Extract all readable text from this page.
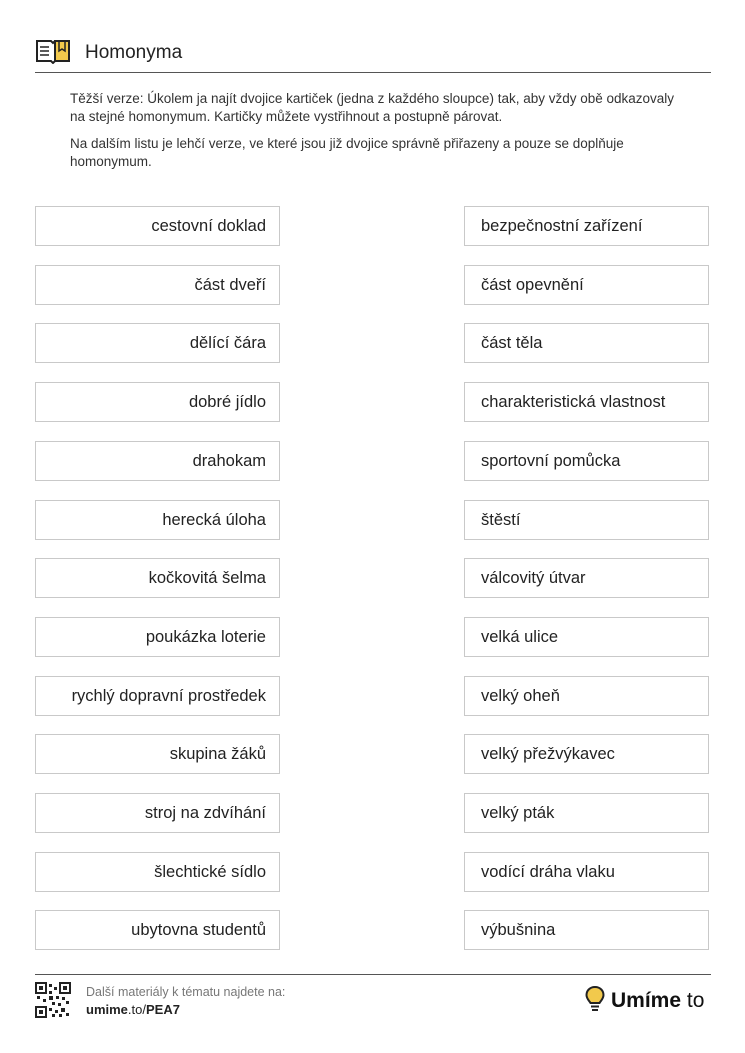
Homonyma

Těžší verze: Úkolem ja najít dvojice kartiček (jedna z každého sloupce) tak, aby vždy obě odkazovaly na stejné homonymum. Kartičky můžete vystřihnout a postupně párovat.

Na dalším listu je lehčí verze, ve které jsou již dvojice správně přiřazeny a pouze se doplňuje homonymum.

cestovní doklad
část dveří
dělící čára
dobré jídlo
drahokam
herecká úloha
kočkovitá šelma
poukázka loterie
rychlý dopravní prostředek
skupina žáků
stroj na zdvíhání
šlechtické sídlo
ubytovna studentů
bezpečnostní zařízení
část opevnění
část těla
charakteristická vlastnost
sportovní pomůcka
štěstí
válcovitý útvar
velká ulice
velký oheň
velký přežvýkavec
velký pták
vodící dráha vlaku
výbušnina
Další materiály k tématu najdete na:
umime.to/PEA7	Umíme to
